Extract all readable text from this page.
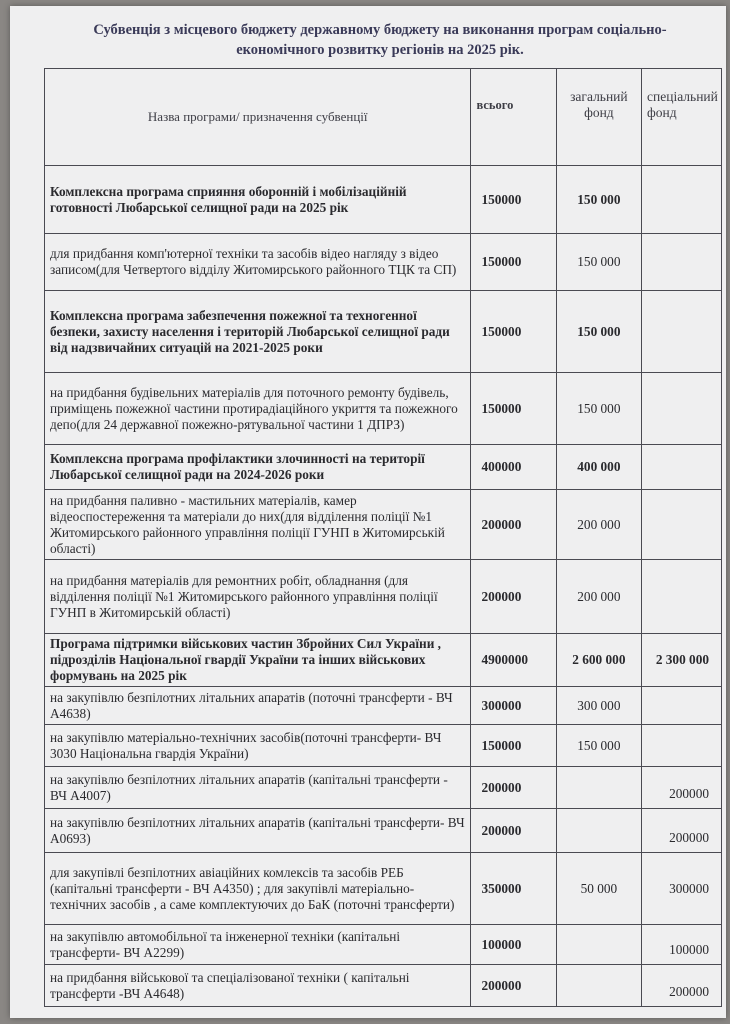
Субвенція з місцевого бюджету державному бюджету на виконання програм соціально-
економічного розвитку регіонів на 2025 рік.
Назва програми/ призначення субвенції	всього	загальний фонд	спеціальний фонд
Комплексна програма сприяння оборонній і мобілізаційній готовності Любарської селищної ради на 2025 рік	150000	150 000	
для придбання комп'ютерної техніки та засобів відео нагляду з відео записом(для Четвертого відділу Житомирського районного ТЦК та СП)	150000	150 000	
Комплексна програма забезпечення пожежної та техногенної безпеки, захисту населення і територій Любарської селищної ради від надзвичайних ситуацій на 2021-2025 роки	150000	150 000	
на придбання будівельних матеріалів для поточного ремонту будівель, приміщень пожежної частини протирадіаційного укриття та пожежного депо(для 24 державної пожежно-рятувальної частини 1 ДПРЗ)	150000	150 000	
Комплексна програма профілактики злочинності на території Любарської селищної ради на 2024-2026 роки	400000	400 000	
на придбання паливно - мастильних матеріалів, камер відеоспостереження та матеріали до них(для відділення поліції №1 Житомирського районного управління поліції ГУНП в Житомирській області)	200000	200 000	
на придбання матеріалів для ремонтних робіт, обладнання (для відділення поліції №1 Житомирського районного управління поліції ГУНП в Житомирській області)	200000	200 000	
Програма підтримки військових частин Збройних Сил України , підрозділів Національної гвардії України та інших військових формувань на 2025 рік	4900000	2 600 000	2 300 000
на закупівлю безпілотних літальних апаратів (поточні трансферти - ВЧ А4638)	300000	300 000	
на закупівлю матеріально-технічних засобів(поточні трансферти- ВЧ 3030 Національна гвардія України)	150000	150 000	
на закупівлю безпілотних літальних апаратів (капітальні трансферти - ВЧ А4007)	200000		200000
на закупівлю безпілотних літальних апаратів (капітальні трансферти- ВЧ А0693)	200000		200000
для закупівлі безпілотних авіаційних комлексів та засобів РЕБ (капітальні трансферти - ВЧ А4350) ; для закупівлі матеріально-технічних засобів , а саме комплектуючих до БаК (поточні трансферти)	350000	50 000	300000
на закупівлю автомобільної та інженерної техніки (капітальні трансферти- ВЧ А2299)	100000		100000
на придбання військової та спеціалізованої техніки ( капітальні трансферти -ВЧ А4648)	200000		200000
